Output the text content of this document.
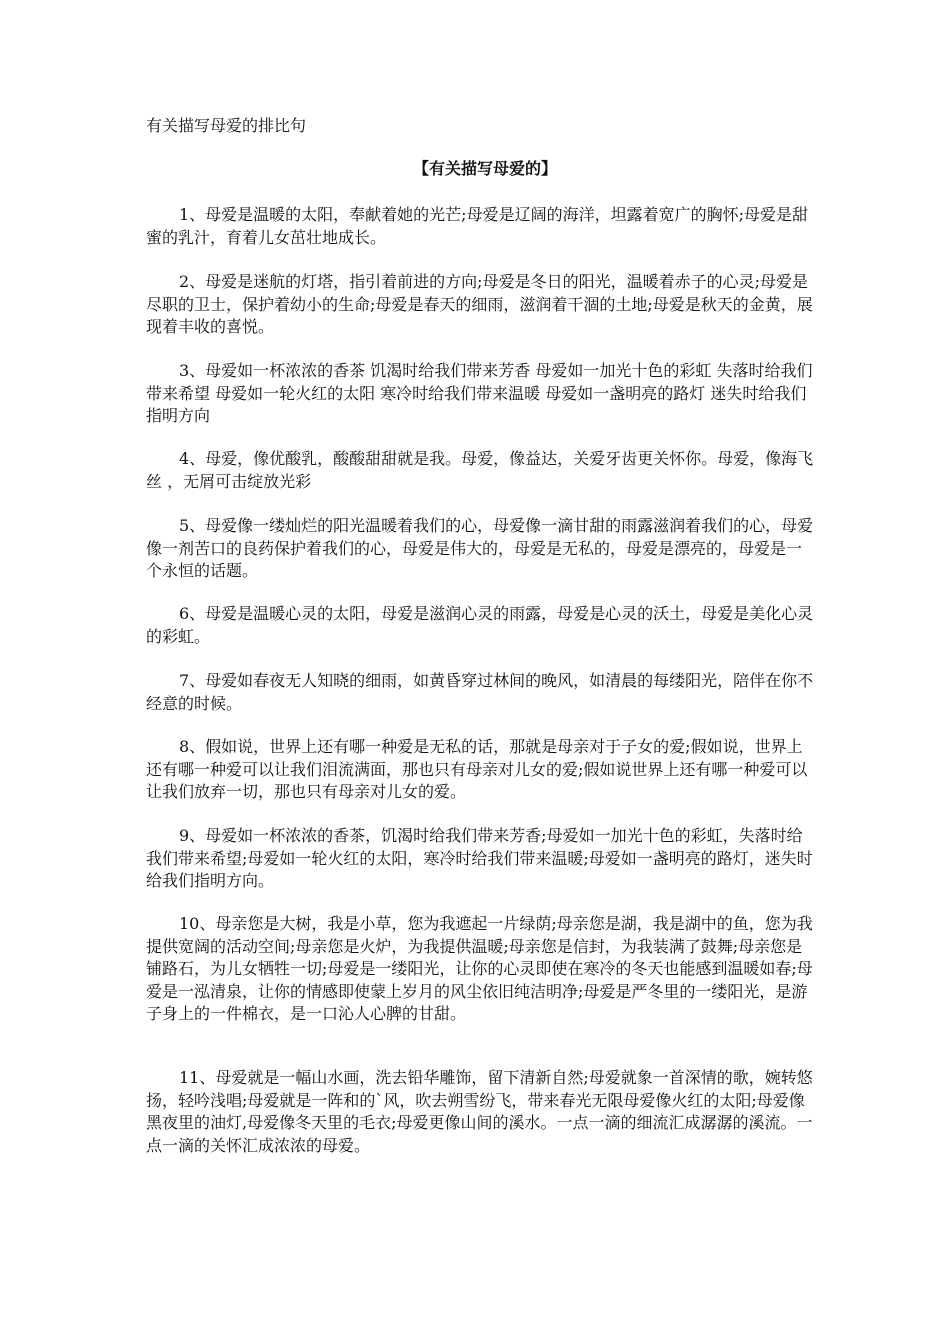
有关描写母爱的排比句
【有关描写母爱的】

1、母爱是温暖的太阳，奉献着她的光芒;母爱是辽阔的海洋，坦露着宽广的胸怀;母爱是甜蜜的乳汁，育着儿女茁壮地成长。

2、母爱是迷航的灯塔，指引着前进的方向;母爱是冬日的阳光，温暖着赤子的心灵;母爱是尽职的卫士，保护着幼小的生命;母爱是春天的细雨，滋润着干涸的土地;母爱是秋天的金黄，展现着丰收的喜悦。

3、母爱如一杯浓浓的香茶 饥渴时给我们带来芳香 母爱如一加光十色的彩虹 失落时给我们带来希望 母爱如一轮火红的太阳 寒冷时给我们带来温暖 母爱如一盏明亮的路灯 迷失时给我们指明方向

4、母爱，像优酸乳，酸酸甜甜就是我。母爱，像益达，关爱牙齿更关怀你。母爱，像海飞丝 ，无屑可击绽放光彩

5、母爱像一缕灿烂的阳光温暖着我们的心，母爱像一滴甘甜的雨露滋润着我们的心，母爱像一剂苦口的良药保护着我们的心，母爱是伟大的，母爱是无私的，母爱是漂亮的，母爱是一个永恒的话题。

6、母爱是温暖心灵的太阳，母爱是滋润心灵的雨露，母爱是心灵的沃土，母爱是美化心灵的彩虹。

7、母爱如春夜无人知晓的细雨，如黄昏穿过林间的晚风，如清晨的每缕阳光，陪伴在你不经意的时候。

8、假如说，世界上还有哪一种爱是无私的话，那就是母亲对于子女的爱;假如说，世界上还有哪一种爱可以让我们泪流满面，那也只有母亲对儿女的爱;假如说世界上还有哪一种爱可以让我们放弃一切，那也只有母亲对儿女的爱。

9、母爱如一杯浓浓的香茶，饥渴时给我们带来芳香;母爱如一加光十色的彩虹，失落时给我们带来希望;母爱如一轮火红的太阳，寒冷时给我们带来温暖;母爱如一盏明亮的路灯，迷失时给我们指明方向。

10、母亲您是大树，我是小草，您为我遮起一片绿荫;母亲您是湖，我是湖中的鱼，您为我提供宽阔的活动空间;母亲您是火炉，为我提供温暖;母亲您是信封，为我装满了鼓舞;母亲您是铺路石，为儿女牺牲一切;母爱是一缕阳光，让你的心灵即使在寒冷的冬天也能感到温暖如春;母爱是一泓清泉，让你的情感即使蒙上岁月的风尘依旧纯洁明净;母爱是严冬里的一缕阳光，是游子身上的一件棉衣，是一口沁人心脾的甘甜。

11、母爱就是一幅山水画，洗去铅华雕饰，留下清新自然;母爱就象一首深情的歌，婉转悠扬，轻吟浅唱;母爱就是一阵和的`风，吹去朔雪纷飞，带来春光无限母爱像火红的太阳;母爱像黑夜里的油灯,母爱像冬天里的毛衣;母爱更像山间的溪水。一点一滴的细流汇成潺潺的溪流。一点一滴的关怀汇成浓浓的母爱。
